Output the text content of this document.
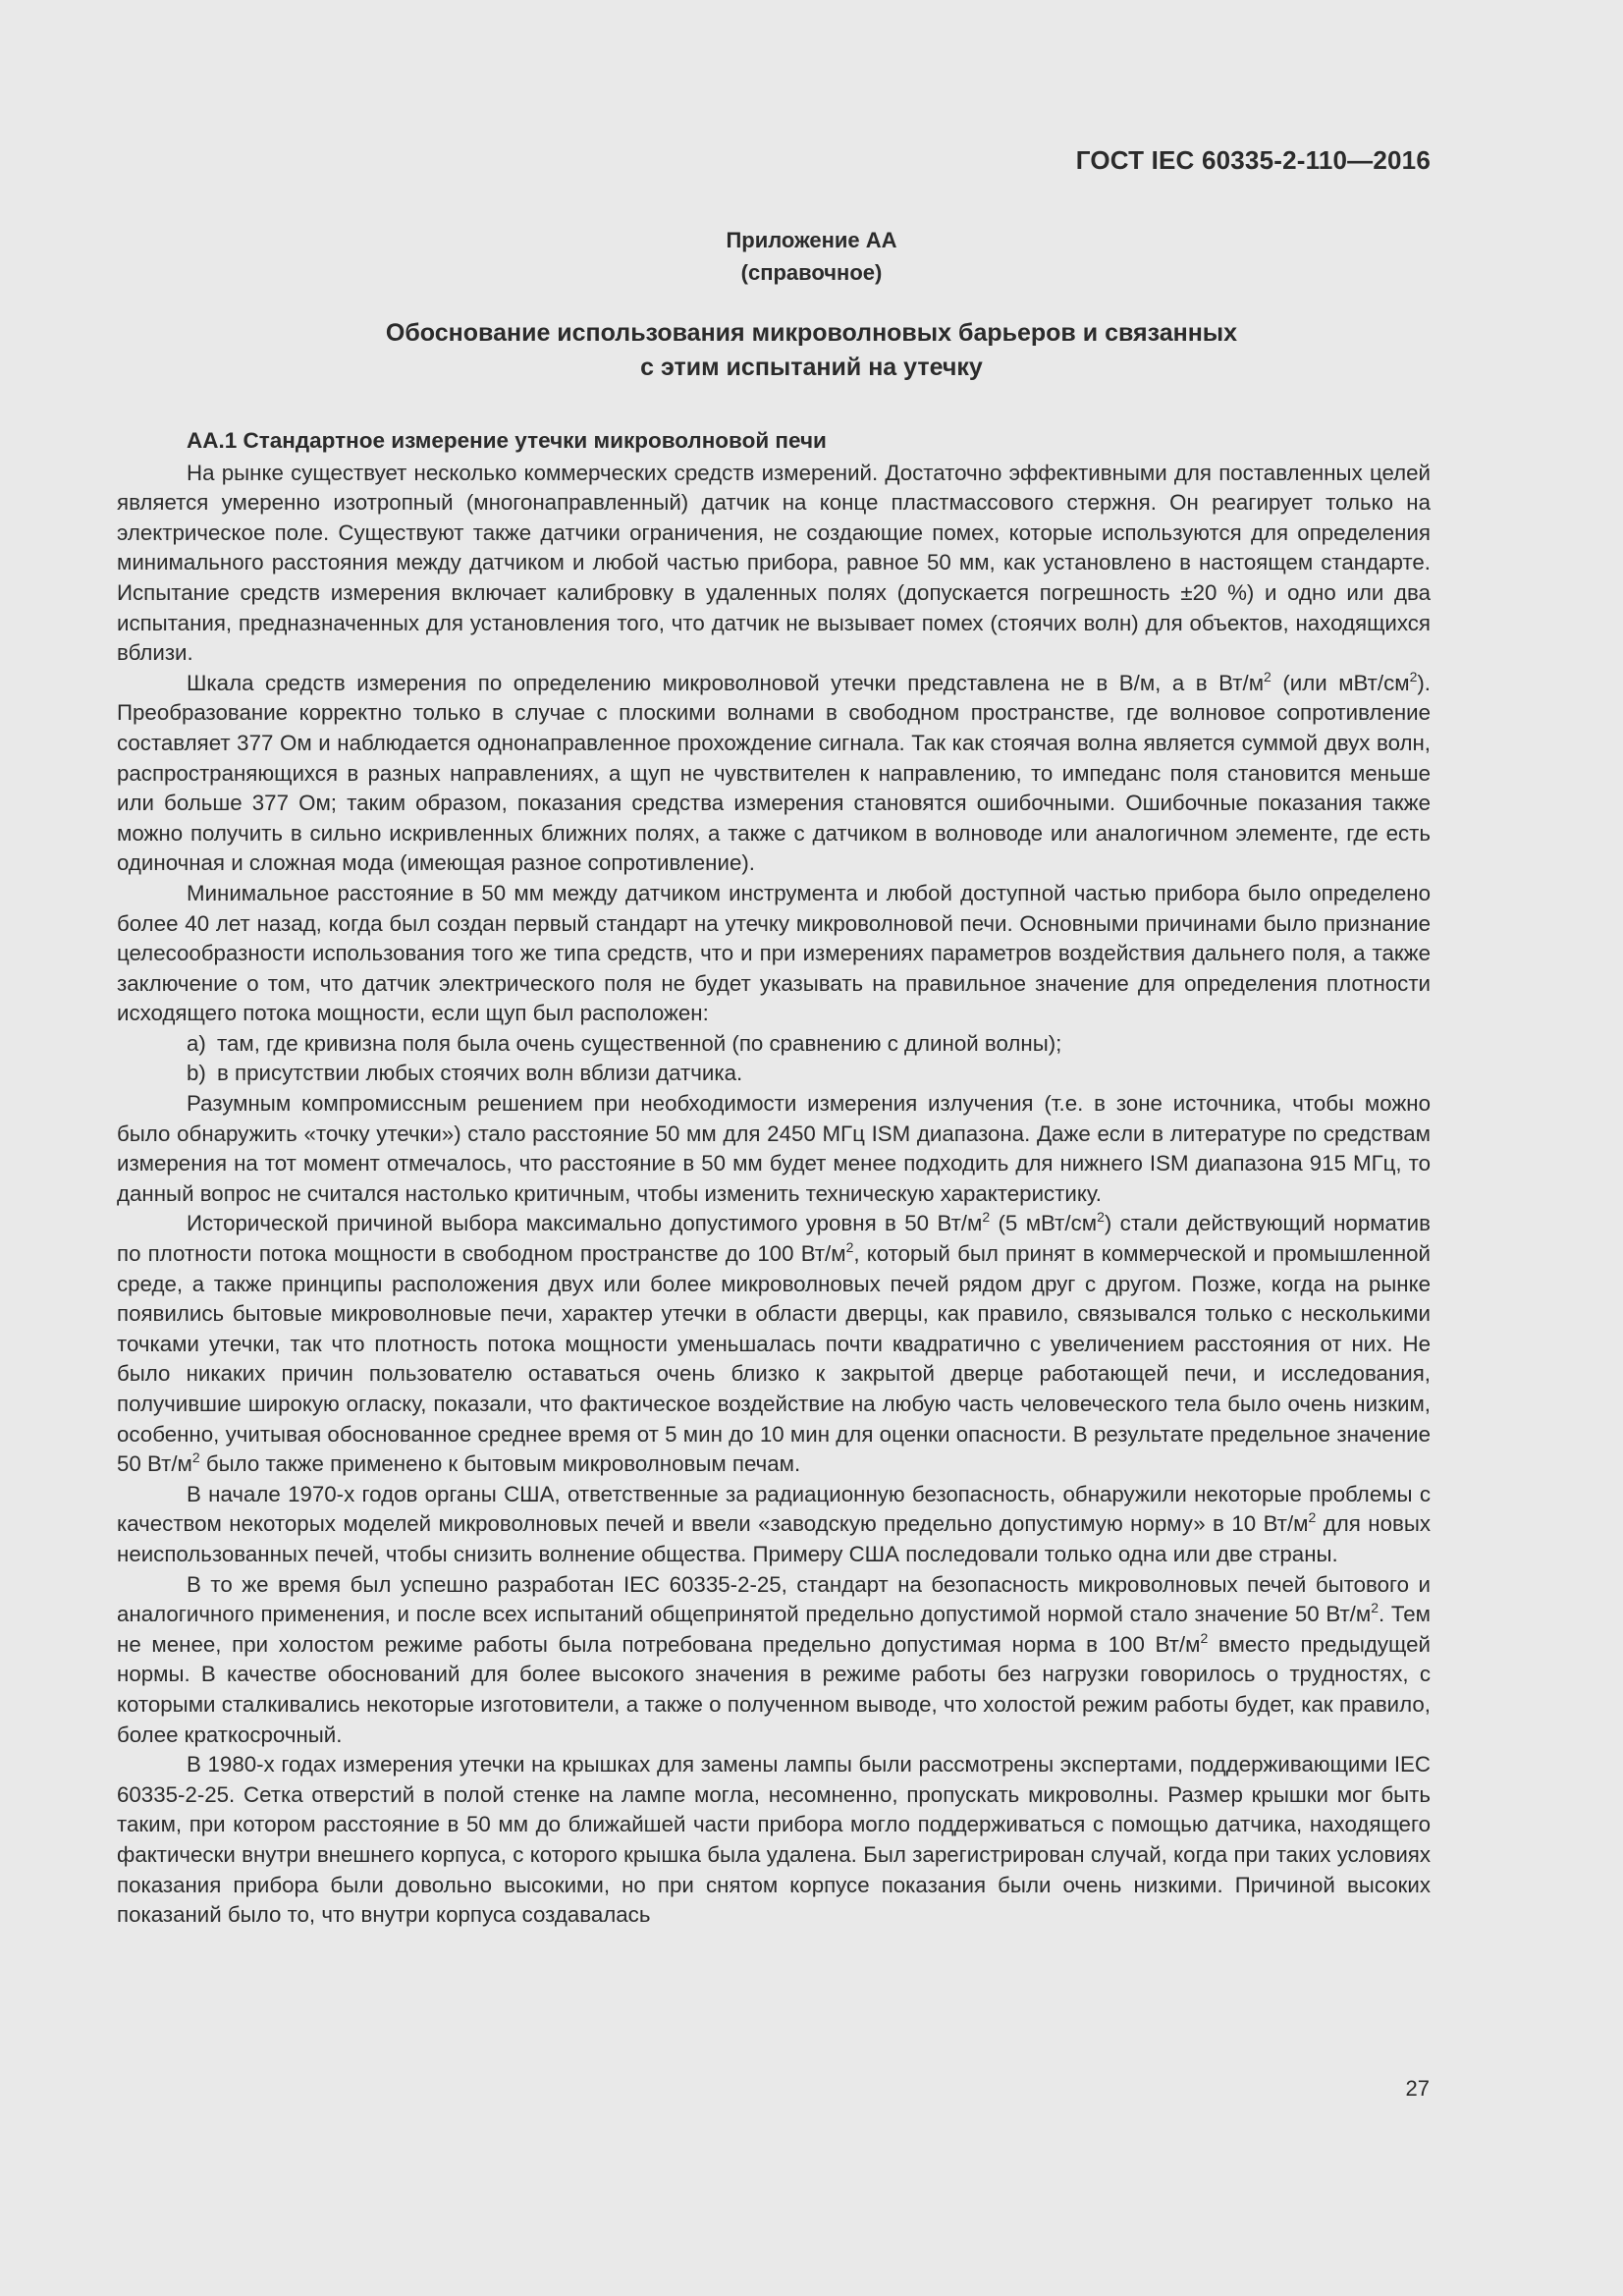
ГОСТ IEC 60335-2-110—2016
Приложение АА
(справочное)
Обоснование использования микроволновых барьеров и связанных
с этим испытаний на утечку
АА.1 Стандартное измерение утечки микроволновой печи

На рынке существует несколько коммерческих средств измерений. Достаточно эффективными для поставленных целей является умеренно изотропный (многонаправленный) датчик на конце пластмассового стержня. Он реагирует только на электрическое поле. Существуют также датчики ограничения, не создающие помех, которые используются для определения минимального расстояния между датчиком и любой частью прибора, равное 50 мм, как установлено в настоящем стандарте. Испытание средств измерения включает калибровку в удаленных полях (допускается погрешность ±20 %) и одно или два испытания, предназначенных для установления того, что датчик не вызывает помех (стоячих волн) для объектов, находящихся вблизи.

Шкала средств измерения по определению микроволновой утечки представлена не в В/м, а в $Вт/м^2$ (или мВт/$см^2$). Преобразование корректно только в случае с плоскими волнами в свободном пространстве, где волновое сопротивление составляет 377 Ом и наблюдается однонаправленное прохождение сигнала. Так как стоячая волна является суммой двух волн, распространяющихся в разных направлениях, а щуп не чувствителен к направлению, то импеданс поля становится меньше или больше 377 Ом; таким образом, показания средства измерения становятся ошибочными. Ошибочные показания также можно получить в сильно искривленных ближних полях, а также с датчиком в волноводе или аналогичном элементе, где есть одиночная и сложная мода (имеющая разное сопротивление).

Минимальное расстояние в 50 мм между датчиком инструмента и любой доступной частью прибора было определено более 40 лет назад, когда был создан первый стандарт на утечку микроволновой печи. Основными причинами было признание целесообразности использования того же типа средств, что и при измерениях параметров воздействия дальнего поля, а также заключение о том, что датчик электрического поля не будет указывать на правильное значение для определения плотности исходящего потока мощности, если щуп был расположен:

a) там, где кривизна поля была очень существенной (по сравнению с длиной волны);
b) в присутствии любых стоячих волн вблизи датчика.

Разумным компромиссным решением при необходимости измерения излучения (т.е. в зоне источника, чтобы можно было обнаружить «точку утечки») стало расстояние 50 мм для 2450 МГц ISM диапазона. Даже если в литературе по средствам измерения на тот момент отмечалось, что расстояние в 50 мм будет менее подходить для нижнего ISM диапазона 915 МГц, то данный вопрос не считался настолько критичным, чтобы изменить техническую характеристику.

Исторической причиной выбора максимально допустимого уровня в 50 $Вт/м^2$ (5 мВт/$см^2$) стали действующий норматив по плотности потока мощности в свободном пространстве до 100 $Вт/м^2$, который был принят в коммерческой и промышленной среде, а также принципы расположения двух или более микроволновых печей рядом друг с другом. Позже, когда на рынке появились бытовые микроволновые печи, характер утечки в области дверцы, как правило, связывался только с несколькими точками утечки, так что плотность потока мощности уменьшалась почти квадратично с увеличением расстояния от них. Не было никаких причин пользователю оставаться очень близко к закрытой дверце работающей печи, и исследования, получившие широкую огласку, показали, что фактическое воздействие на любую часть человеческого тела было очень низким, особенно, учитывая обоснованное среднее время от 5 мин до 10 мин для оценки опасности. В результате предельное значение 50 $Вт/м^2$ было также применено к бытовым микроволновым печам.

В начале 1970-х годов органы США, ответственные за радиационную безопасность, обнаружили некоторые проблемы с качеством некоторых моделей микроволновых печей и ввели «заводскую предельно допустимую норму» в 10 $Вт/м^2$ для новых неиспользованных печей, чтобы снизить волнение общества. Примеру США последовали только одна или две страны.

В то же время был успешно разработан IEC 60335-2-25, стандарт на безопасность микроволновых печей бытового и аналогичного применения, и после всех испытаний общепринятой предельно допустимой нормой стало значение 50 $Вт/м^2$. Тем не менее, при холостом режиме работы была потребована предельно допустимая норма в 100 $Вт/м^2$ вместо предыдущей нормы. В качестве обоснований для более высокого значения в режиме работы без нагрузки говорилось о трудностях, с которыми сталкивались некоторые изготовители, а также о полученном выводе, что холостой режим работы будет, как правило, более краткосрочный.

В 1980-х годах измерения утечки на крышках для замены лампы были рассмотрены экспертами, поддерживающими IEC 60335-2-25. Сетка отверстий в полой стенке на лампе могла, несомненно, пропускать микроволны. Размер крышки мог быть таким, при котором расстояние в 50 мм до ближайшей части прибора могло поддерживаться с помощью датчика, находящего фактически внутри внешнего корпуса, с которого крышка была удалена. Был зарегистрирован случай, когда при таких условиях показания прибора были довольно высокими, но при снятом корпусе показания были очень низкими. Причиной высоких показаний было то, что внутри корпуса создавалась

27
